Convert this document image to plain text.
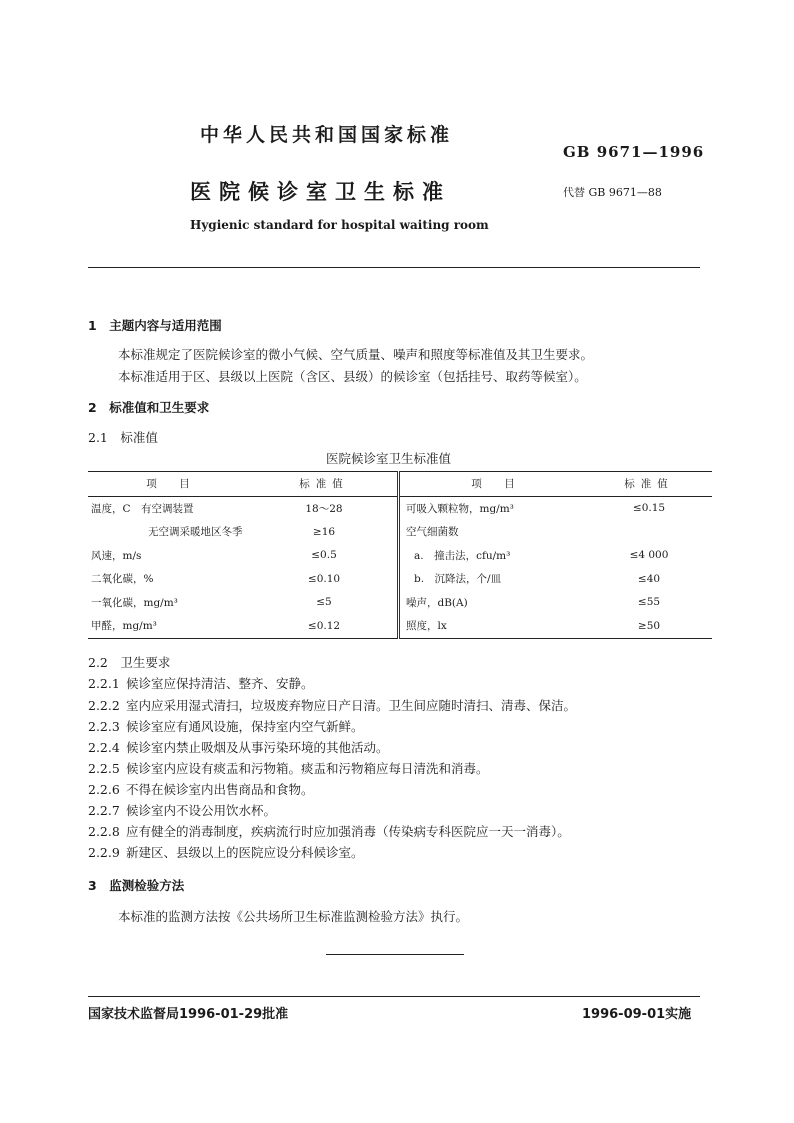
中华人民共和国国家标准
GB 9671—1996
医院候诊室卫生标准	代替 GB 9671—88
Hygienic standard for hospital waiting room
1　主题内容与适用范围
本标准规定了医院候诊室的微小气候、空气质量、噪声和照度等标准值及其卫生要求。
本标准适用于区、县级以上医院（含区、县级）的候诊室（包括挂号、取药等候室）。
2　标准值和卫生要求
2.1　标准值
医院候诊室卫生标准值
项　目	标准值	项　目	标准值
温度，C　有空调装置	18～28	可吸入颗粒物，mg/m³	≤0.15
无空调采暖地区冬季	≥16	空气细菌数	
风速，m/s	≤0.5	a.　撞击法，cfu/m³	≤4 000
二氧化碳，%	≤0.10	b.　沉降法，个/皿	≤40
一氧化碳，mg/m³	≤5	噪声，dB(A)	≤55
甲醛，mg/m³	≤0.12	照度，lx	≥50
2.2　卫生要求
2.2.1 候诊室应保持清洁、整齐、安静。
2.2.2 室内应采用湿式清扫，垃圾废弃物应日产日清。卫生间应随时清扫、清毒、保洁。
2.2.3 候诊室应有通风设施，保持室内空气新鲜。
2.2.4 候诊室内禁止吸烟及从事污染环境的其他活动。
2.2.5 候诊室内应设有痰盂和污物箱。痰盂和污物箱应每日清洗和消毒。
2.2.6 不得在候诊室内出售商品和食物。
2.2.7 候诊室内不设公用饮水杯。
2.2.8 应有健全的消毒制度，疾病流行时应加强消毒（传染病专科医院应一天一消毒）。
2.2.9 新建区、县级以上的医院应设分科候诊室。
3　监测检验方法
本标准的监测方法按《公共场所卫生标准监测检验方法》执行。
国家技术监督局1996-01-29批准	1996-09-01实施
